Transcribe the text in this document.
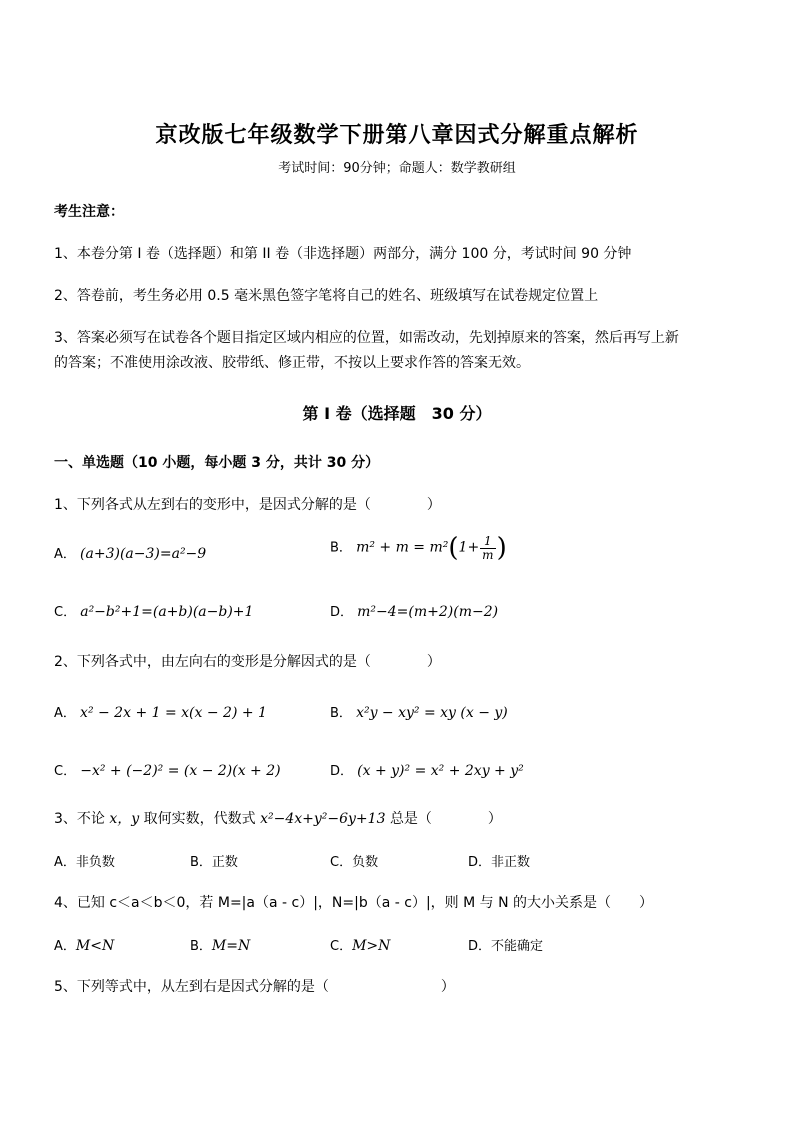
京改版七年级数学下册第八章因式分解重点解析
考试时间：90分钟；命题人：数学教研组
考生注意：
1、本卷分第 I 卷（选择题）和第 II 卷（非选择题）两部分，满分 100 分，考试时间 90 分钟
2、答卷前，考生务必用 0.5 毫米黑色签字笔将自己的姓名、班级填写在试卷规定位置上
3、答案必须写在试卷各个题目指定区域内相应的位置，如需改动，先划掉原来的答案，然后再写上新
的答案；不准使用涂改液、胶带纸、修正带，不按以上要求作答的答案无效。
第 I 卷（选择题　30 分）
一、单选题（10 小题，每小题 3 分，共计 30 分）
1、下列各式从左到右的变形中，是因式分解的是（　　　　）
A． (a+3)(a−3)=a²−9	B． $m^2 + m = m^2(1+ \frac{1}{m}$ )
C． a²−b²+1=(a+b)(a−b)+1	D． m²−4=(m+2)(m−2)
2、下列各式中，由左向右的变形是分解因式的是（　　　　）
A． x² − 2x + 1 = x(x − 2) + 1	B． x²y − xy² = xy (x − y)
C． −x² + (−2)² = (x − 2)(x + 2)	D． (x + y)² = x² + 2xy + y²
3、不论 x，y 取何实数，代数式 x²−4x+y²−6y+13 总是（　　　　）
A．非负数	B．正数	C．负数	D．非正数
4、已知 c＜a＜b＜0，若 M=|a（a - c）|，N=|b（a - c）|，则 M 与 N 的大小关系是（　　）
A．M<N	B．M=N	C．M>N	D．不能确定
5、下列等式中，从左到右是因式分解的是（　　　　　　　　）
